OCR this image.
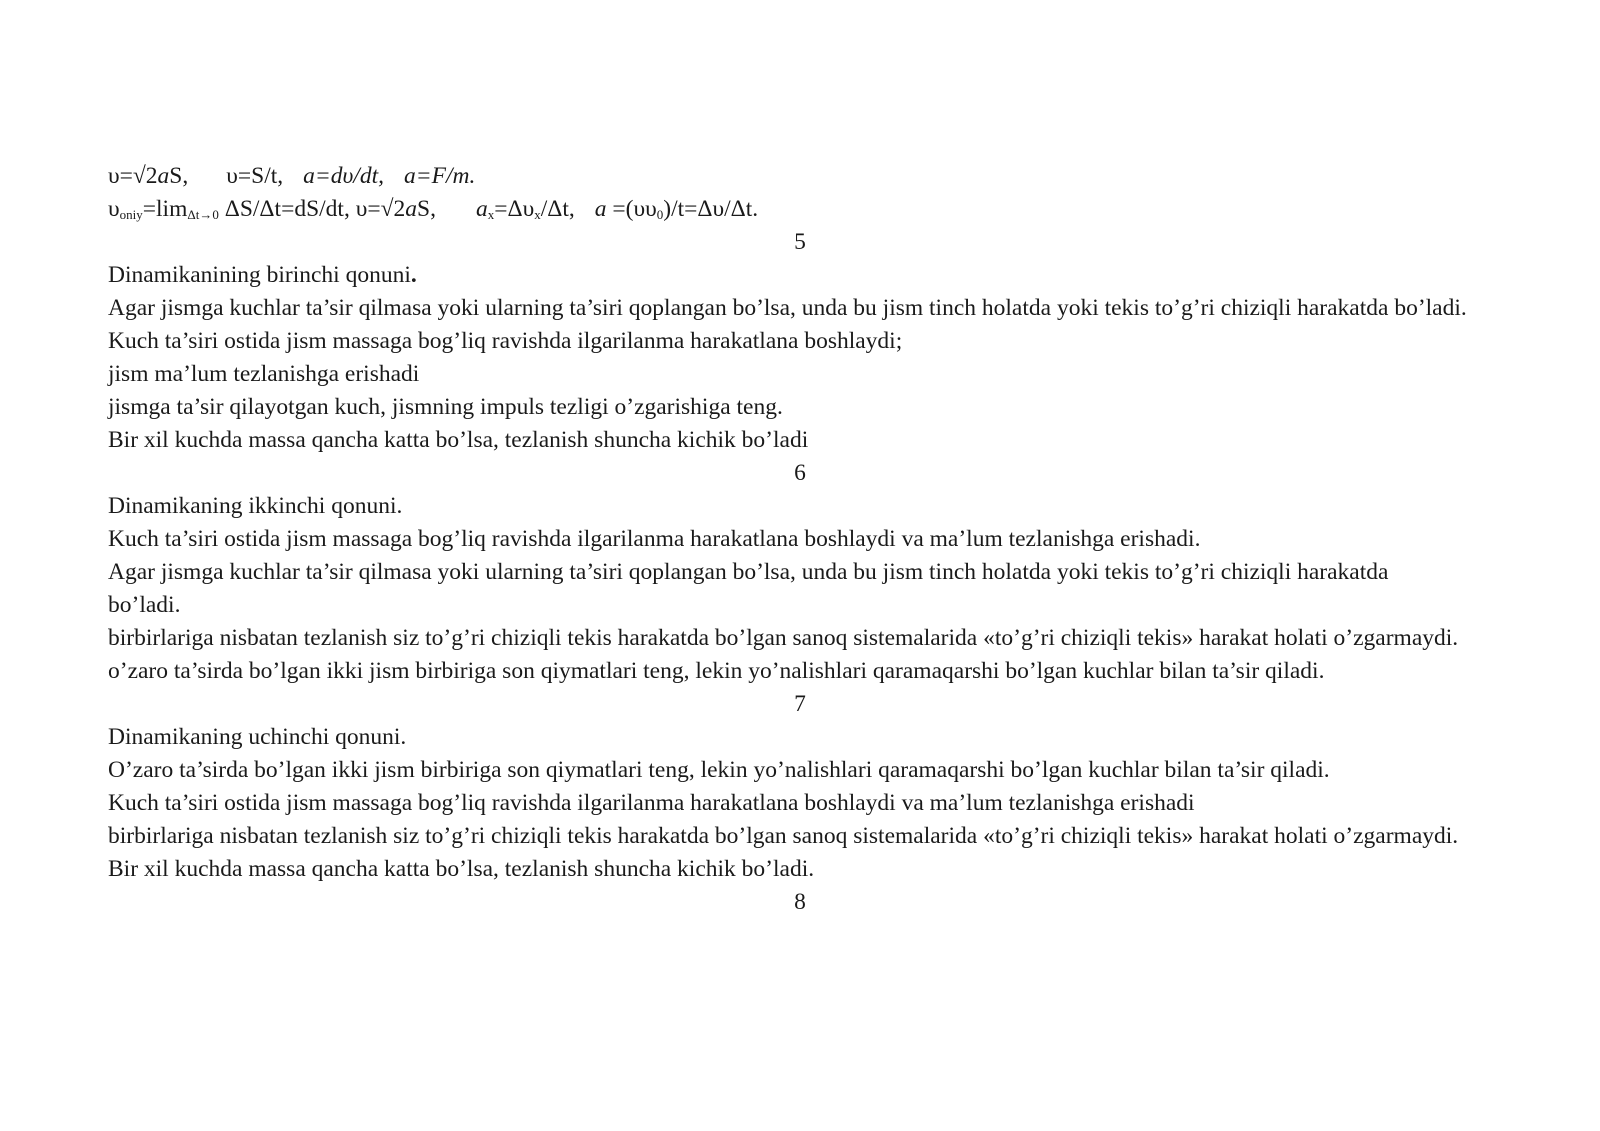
υ=√2aS, υ=S/t, a=dυ/dt, a=F/m.

$\upsilon_{oniy}=\lim_{\Delta t\to 0}$ ΔS/Δt=dS/dt, υ=√2aS, $a_x=\Delta\upsilon_x/\Delta t$, $a =(\upsilon\upsilon_0)/t=\Delta\upsilon/\Delta t$.

5

Dinamikanining birinchi qonuni.

Agar jismga kuchlar ta’sir qilmasa yoki ularning ta’siri qoplangan bo’lsa, unda bu jism tinch holatda yoki tekis to’g’ri chiziqli harakatda bo’ladi.

Kuch ta’siri ostida jism massaga bog’liq ravishda ilgarilanma harakatlana boshlaydi;

jism ma’lum tezlanishga erishadi

jismga ta’sir qilayotgan kuch, jismning impuls tezligi o’zgarishiga teng.

Bir xil kuchda massa qancha katta bo’lsa, tezlanish shuncha kichik bo’ladi

6

Dinamikaning ikkinchi qonuni.

Kuch ta’siri ostida jism massaga bog’liq ravishda ilgarilanma harakatlana boshlaydi va ma’lum tezlanishga erishadi.

Agar jismga kuchlar ta’sir qilmasa yoki ularning ta’siri qoplangan bo’lsa, unda bu jism tinch holatda yoki tekis to’g’ri chiziqli harakatda bo’ladi.

birbirlariga nisbatan tezlanish siz to’g’ri chiziqli tekis harakatda bo’lgan sanoq sistemalarida «to’g’ri chiziqli tekis» harakat holati o’zgarmaydi.

o’zaro ta’sirda bo’lgan ikki jism birbiriga son qiymatlari teng, lekin yo’nalishlari qaramaqarshi bo’lgan kuchlar bilan ta’sir qiladi.

7

Dinamikaning uchinchi qonuni.

O’zaro ta’sirda bo’lgan ikki jism birbiriga son qiymatlari teng, lekin yo’nalishlari qaramaqarshi bo’lgan kuchlar bilan ta’sir qiladi.

Kuch ta’siri ostida jism massaga bog’liq ravishda ilgarilanma harakatlana boshlaydi va ma’lum tezlanishga erishadi

birbirlariga nisbatan tezlanish siz to’g’ri chiziqli tekis harakatda bo’lgan sanoq sistemalarida «to’g’ri chiziqli tekis» harakat holati o’zgarmaydi.

Bir xil kuchda massa qancha katta bo’lsa, tezlanish shuncha kichik bo’ladi.

8
